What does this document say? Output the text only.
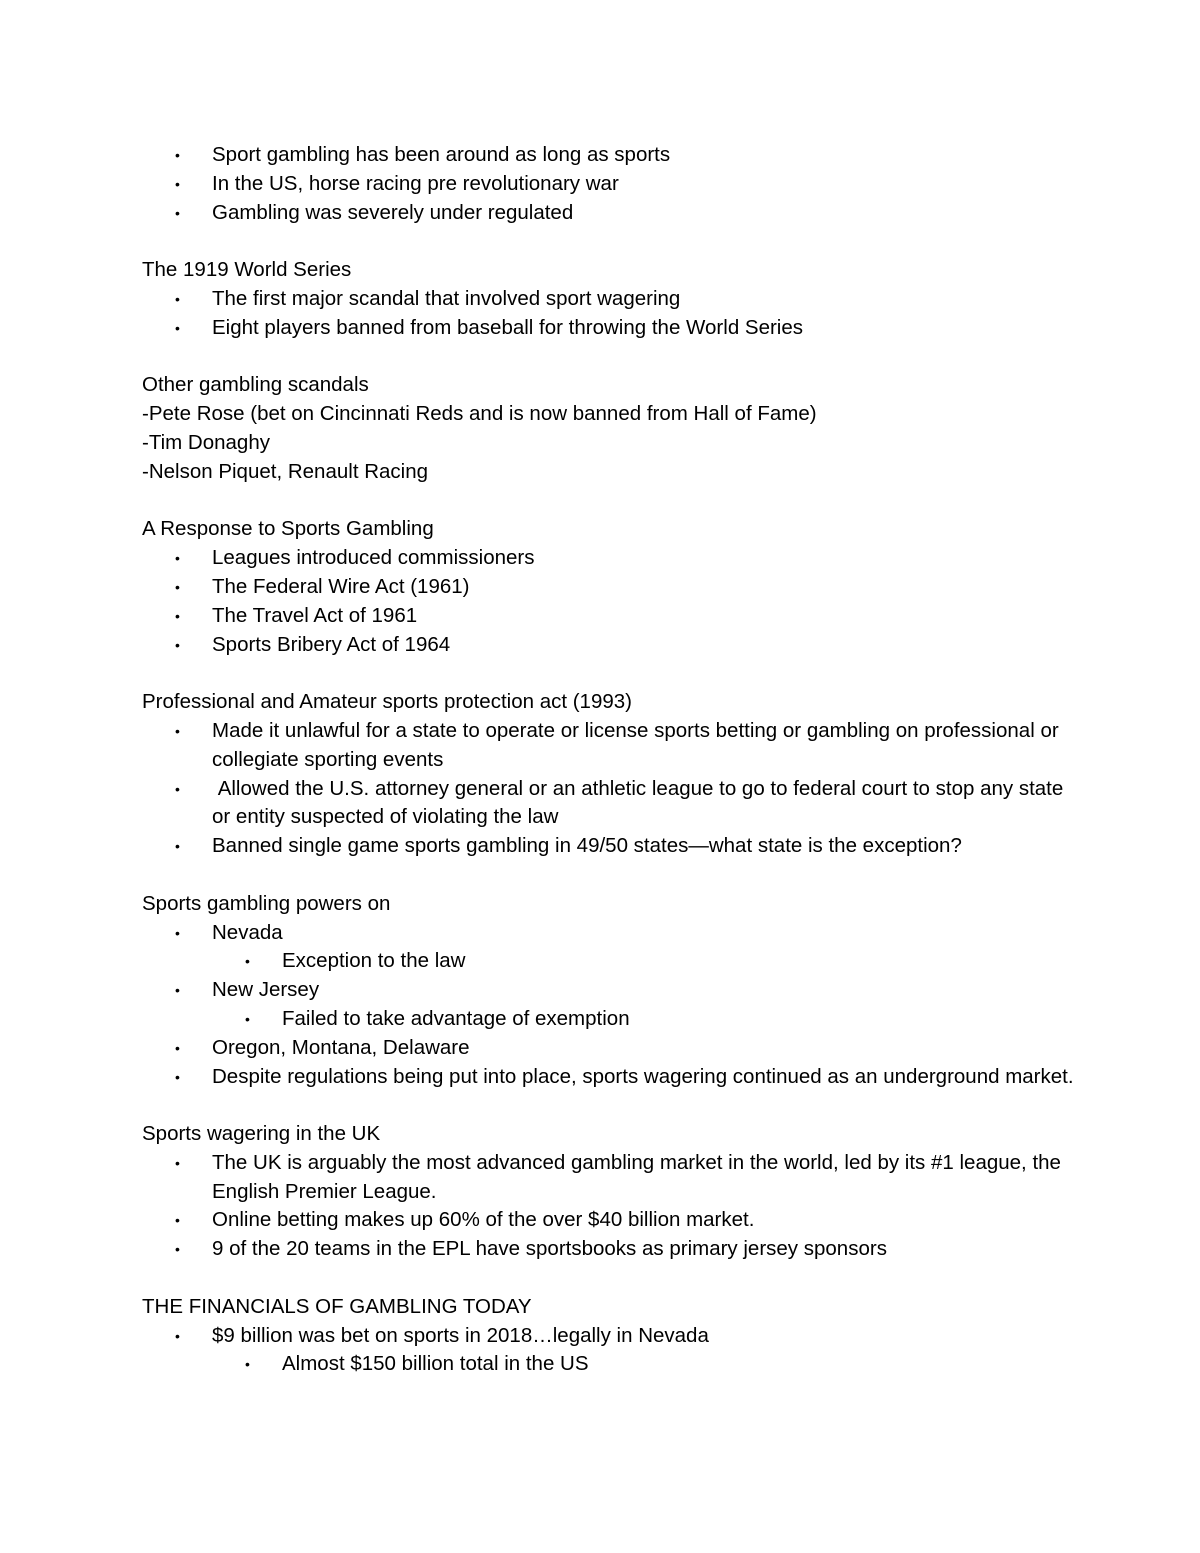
• Sport gambling has been around as long as sports
• In the US, horse racing pre revolutionary war
• Gambling was severely under regulated

The 1919 World Series

• The first major scandal that involved sport wagering
• Eight players banned from baseball for throwing the World Series

Other gambling scandals

-Pete Rose (bet on Cincinnati Reds and is now banned from Hall of Fame)

-Tim Donaghy

-Nelson Piquet, Renault Racing

A Response to Sports Gambling

• Leagues introduced commissioners
• The Federal Wire Act (1961)
• The Travel Act of 1961
• Sports Bribery Act of 1964

Professional and Amateur sports protection act (1993)

• Made it unlawful for a state to operate or license sports betting or gambling on professional or collegiate sporting events
• Allowed the U.S. attorney general or an athletic league to go to federal court to stop any state or entity suspected of violating the law
• Banned single game sports gambling in 49/50 states—what state is the exception?

Sports gambling powers on

• Nevada
• Exception to the law
• New Jersey
• Failed to take advantage of exemption
• Oregon, Montana, Delaware
• Despite regulations being put into place, sports wagering continued as an underground market.

Sports wagering in the UK

• The UK is arguably the most advanced gambling market in the world, led by its #1 league, the English Premier League.
• Online betting makes up 60% of the over $40 billion market.
• 9 of the 20 teams in the EPL have sportsbooks as primary jersey sponsors

THE FINANCIALS OF GAMBLING TODAY

• $9 billion was bet on sports in 2018…legally in Nevada
• Almost $150 billion total in the US
